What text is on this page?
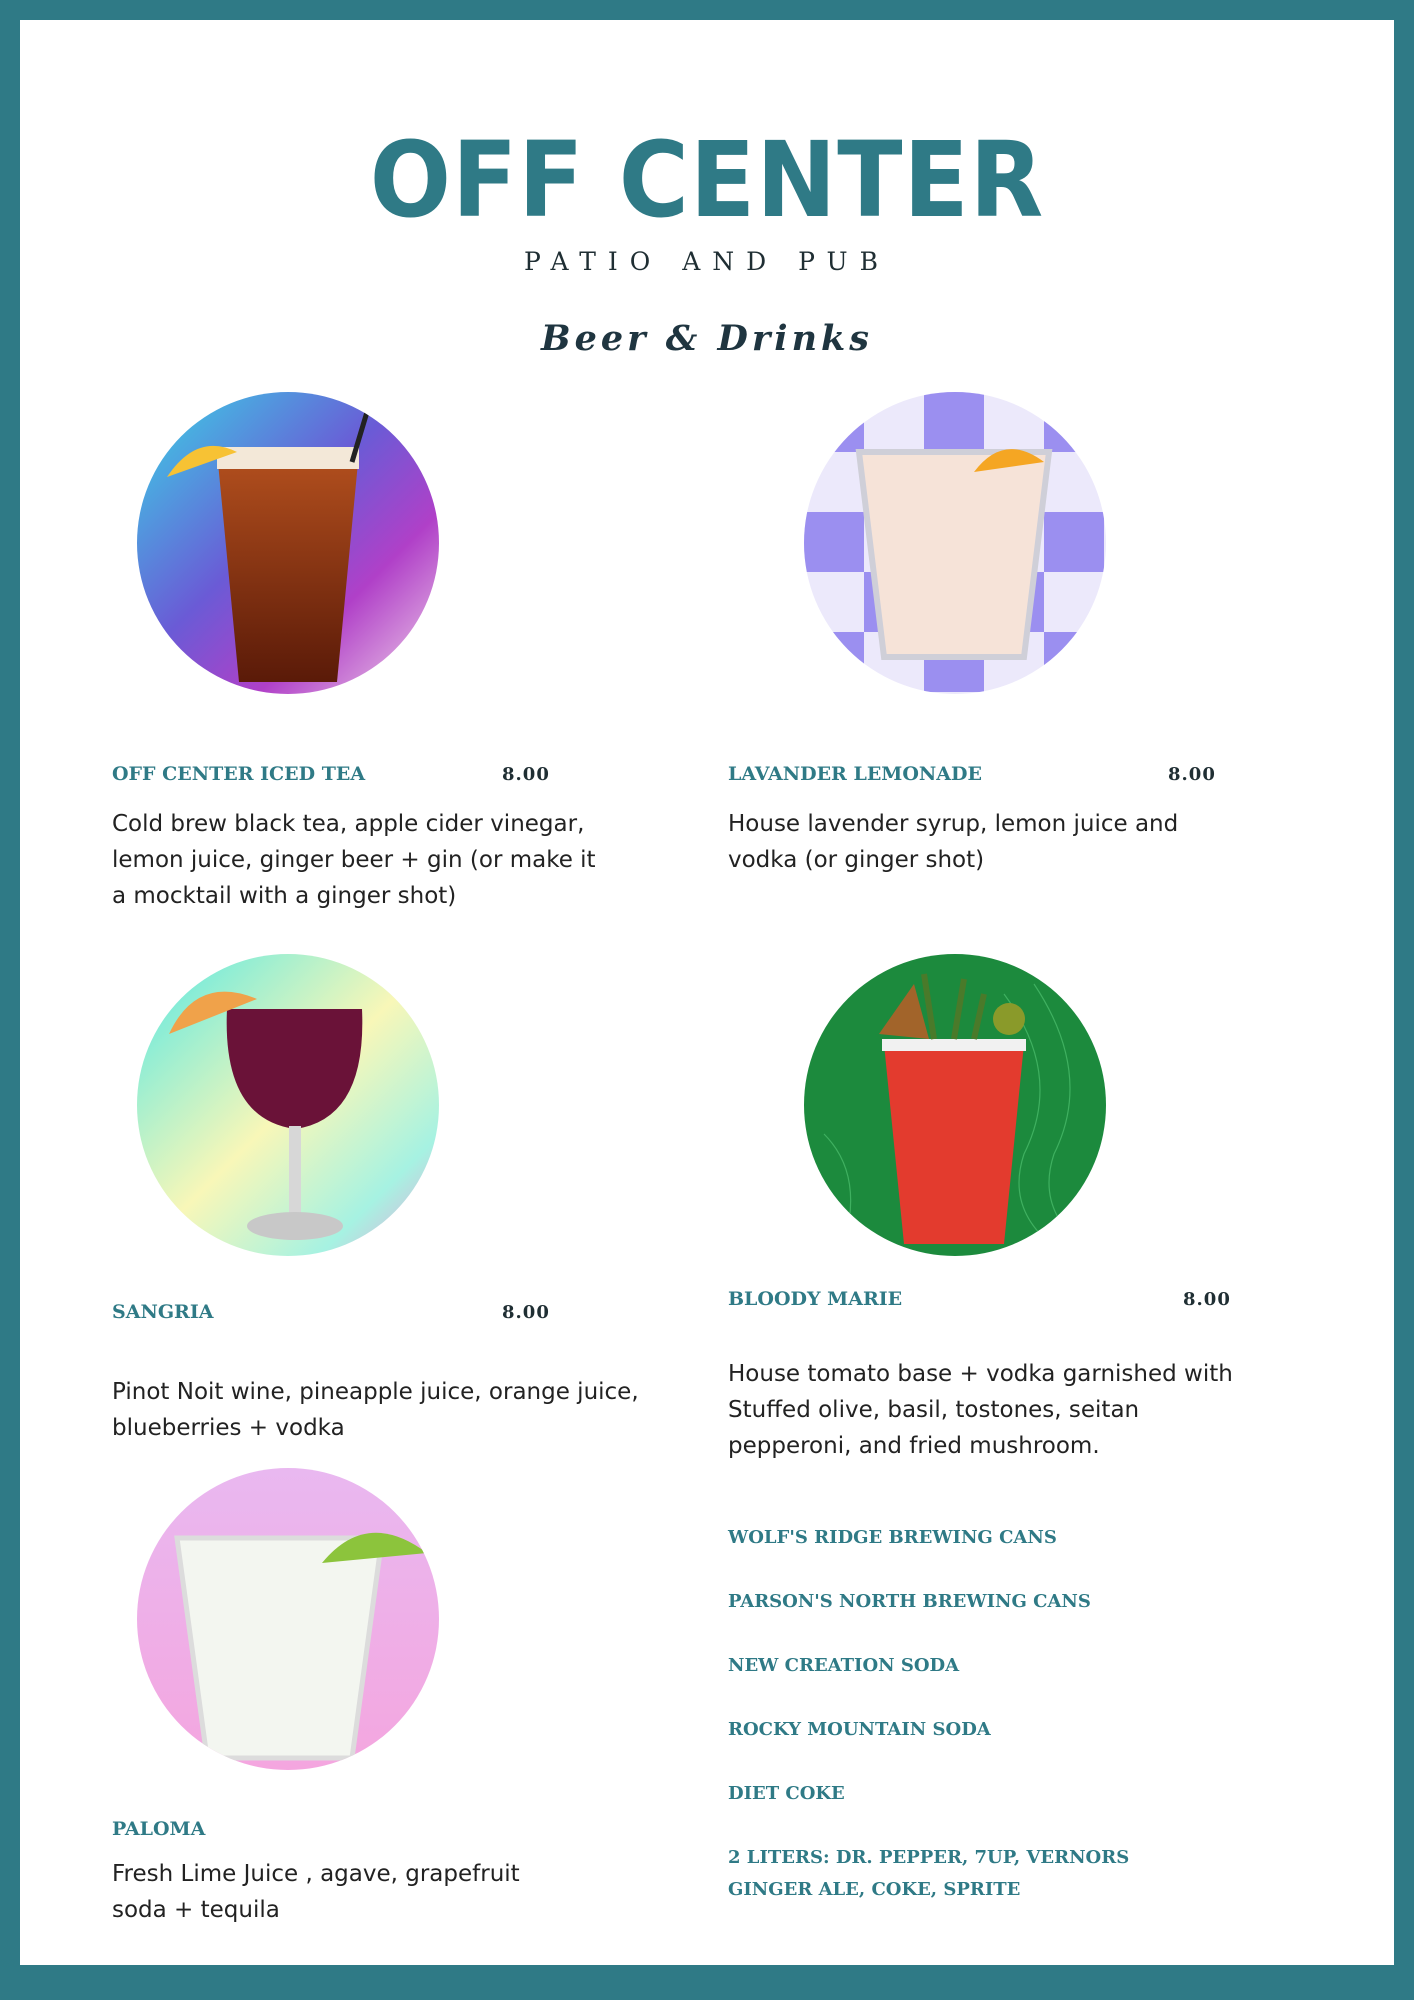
OFF CENTER
PATIO AND PUB
Beer & Drinks
OFF CENTER ICED TEA	8.00
Cold brew black tea, apple cider vinegar,
lemon juice, ginger beer + gin (or make it
a mocktail with a ginger shot)
LAVANDER LEMONADE	8.00
House lavender syrup, lemon juice and
vodka (or ginger shot)
SANGRIA	8.00
Pinot Noit wine, pineapple juice, orange juice,
blueberries + vodka
BLOODY MARIE	8.00
House tomato base + vodka garnished with
Stuffed olive, basil, tostones, seitan
pepperoni, and fried mushroom.
PALOMA
Fresh Lime Juice , agave, grapefruit
soda + tequila
WOLF'S RIDGE BREWING CANS
PARSON'S NORTH BREWING CANS
NEW CREATION SODA
ROCKY MOUNTAIN SODA
DIET COKE
2 LITERS: DR. PEPPER, 7UP, VERNORS
GINGER ALE, COKE, SPRITE
